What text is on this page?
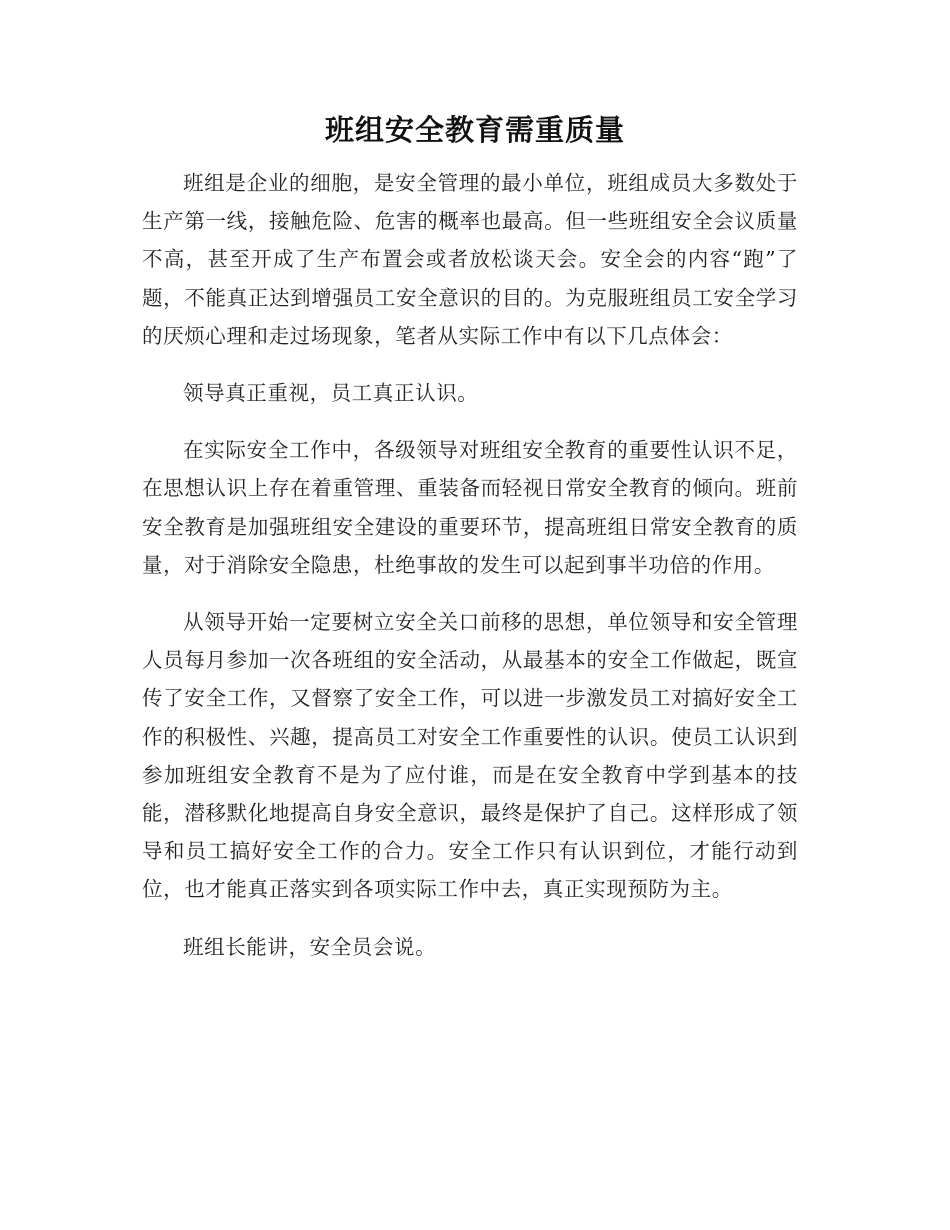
班组安全教育需重质量

班组是企业的细胞，是安全管理的最小单位，班组成员大多数处于生产第一线，接触危险、危害的概率也最高。但一些班组安全会议质量不高，甚至开成了生产布置会或者放松谈天会。安全会的内容“跑”了题，不能真正达到增强员工安全意识的目的。为克服班组员工安全学习的厌烦心理和走过场现象，笔者从实际工作中有以下几点体会：

领导真正重视，员工真正认识。

在实际安全工作中，各级领导对班组安全教育的重要性认识不足，在思想认识上存在着重管理、重装备而轻视日常安全教育的倾向。班前安全教育是加强班组安全建设的重要环节，提高班组日常安全教育的质量，对于消除安全隐患，杜绝事故的发生可以起到事半功倍的作用。

从领导开始一定要树立安全关口前移的思想，单位领导和安全管理人员每月参加一次各班组的安全活动，从最基本的安全工作做起，既宣传了安全工作，又督察了安全工作，可以进一步激发员工对搞好安全工作的积极性、兴趣，提高员工对安全工作重要性的认识。使员工认识到参加班组安全教育不是为了应付谁，而是在安全教育中学到基本的技能，潜移默化地提高自身安全意识，最终是保护了自己。这样形成了领导和员工搞好安全工作的合力。安全工作只有认识到位，才能行动到位，也才能真正落实到各项实际工作中去，真正实现预防为主。

班组长能讲，安全员会说。
